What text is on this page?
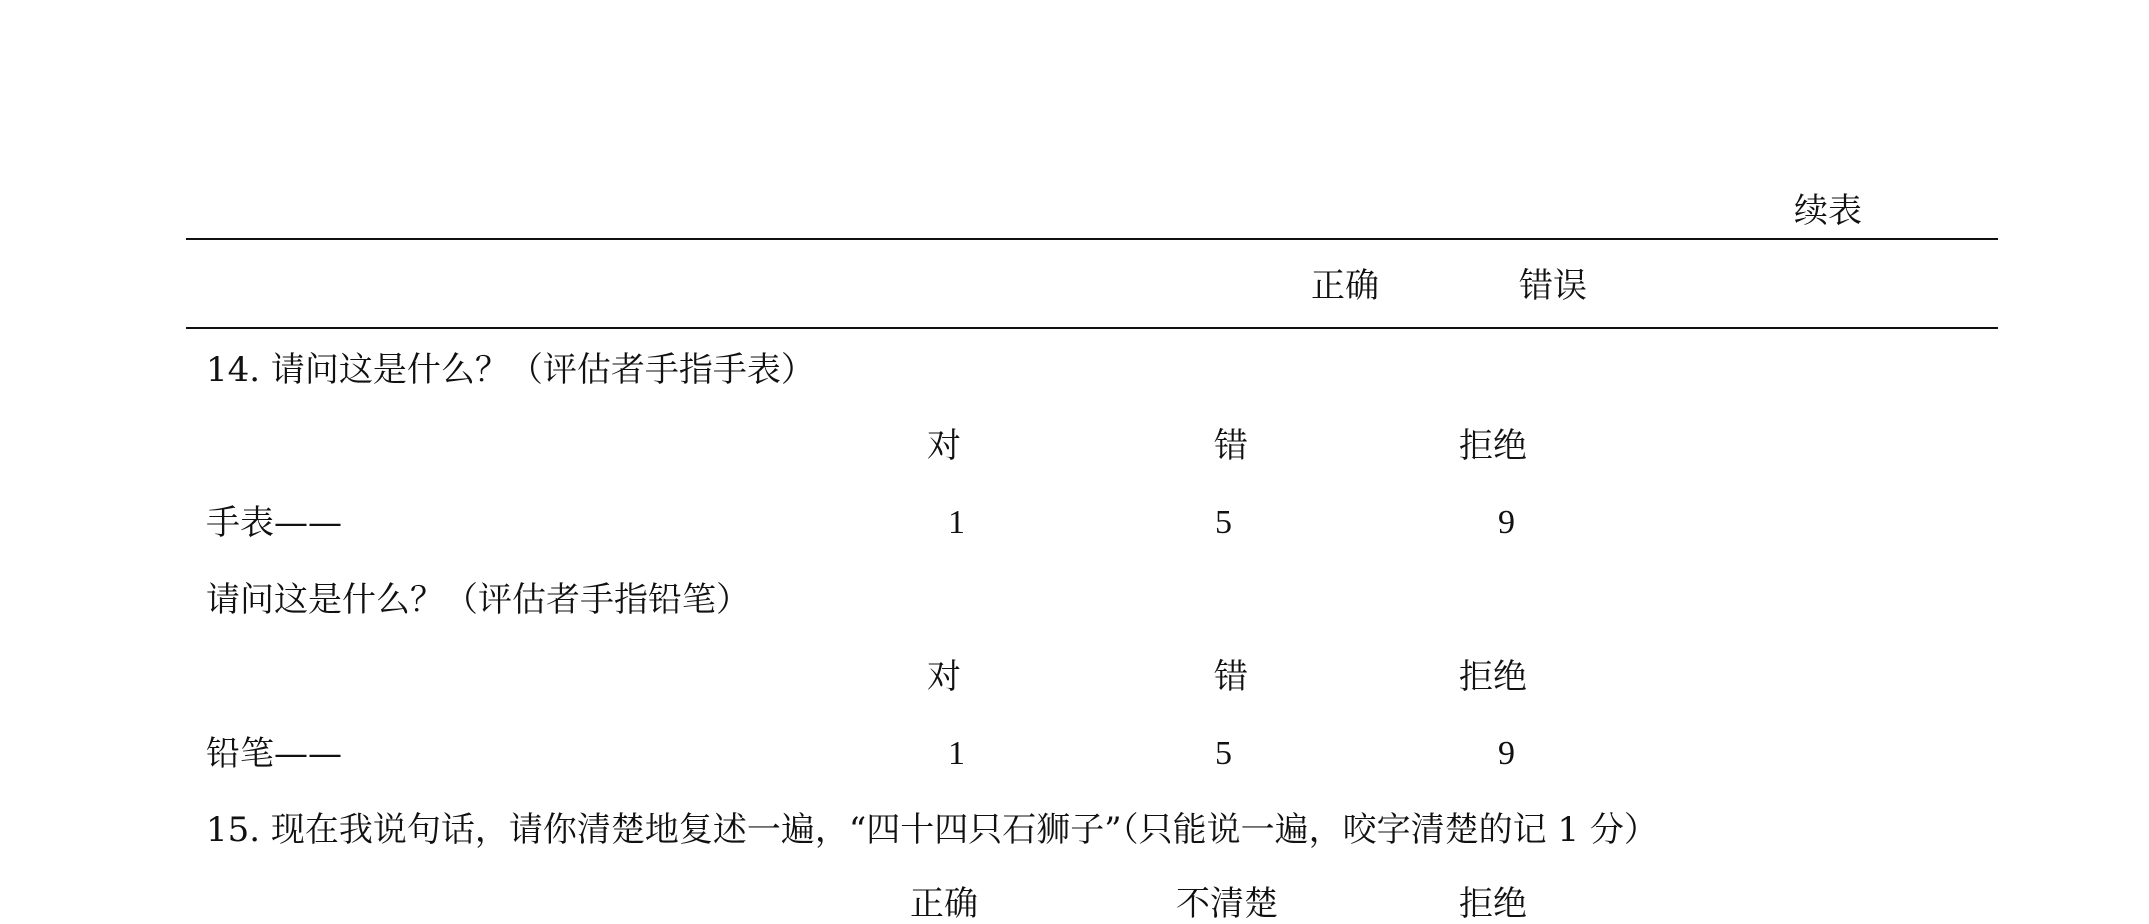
续表
正确	错误
14. 请问这是什么？（评估者手指手表）
对	错	拒绝
手表——	1	5	9
请问这是什么？（评估者手指铅笔）
对	错	拒绝
铅笔——	1	5	9
15. 现在我说句话，请你清楚地复述一遍，“四十四只石狮子”（只能说一遍，咬字清楚的记 1 分）
正确	不清楚	拒绝
